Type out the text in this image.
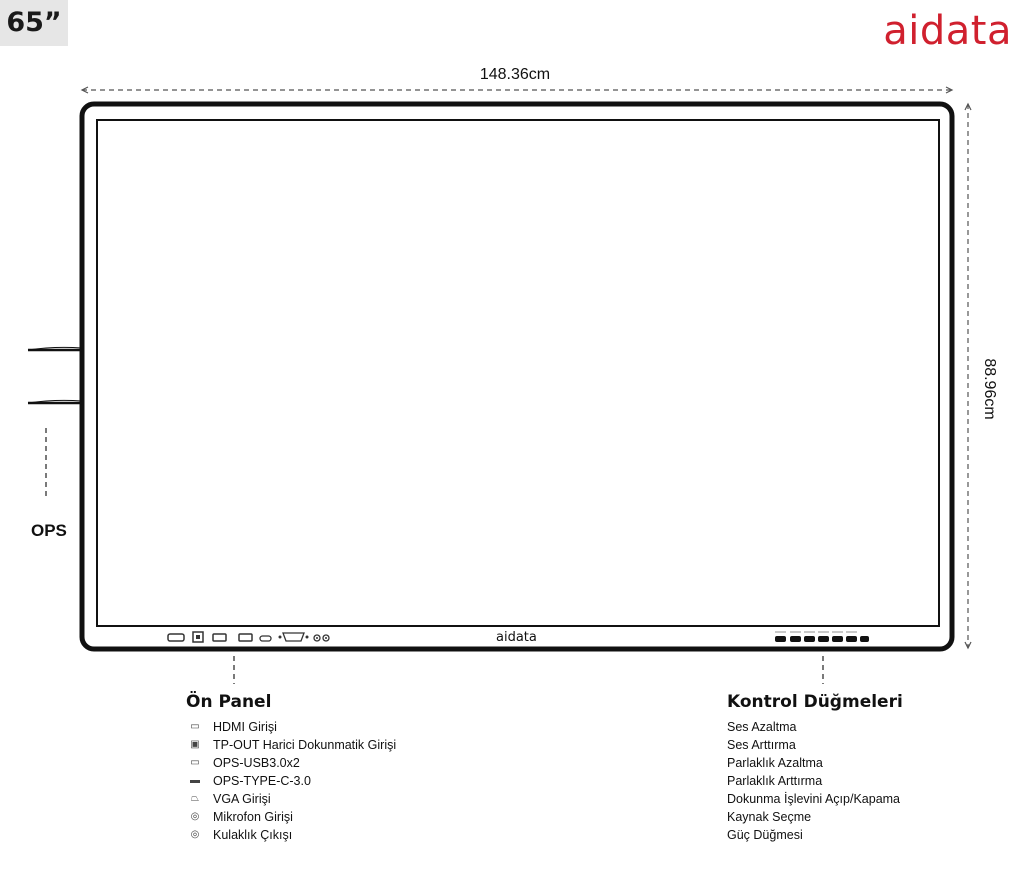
65”	aidata
148.36cm
88.96cm
OPS
aidata
Ön Panel
▭	HDMI Girişi
▣	TP-OUT Harici Dokunmatik Girişi
▭	OPS-USB3.0x2
▬	OPS-TYPE-C-3.0
⏢	VGA Girişi
◎	Mikrofon Girişi
◎	Kulaklık Çıkışı
Kontrol Düğmeleri
Ses Azaltma
Ses Arttırma
Parlaklık Azaltma
Parlaklık Arttırma
Dokunma İşlevini Açıp/Kapama
Kaynak Seçme
Güç Düğmesi
